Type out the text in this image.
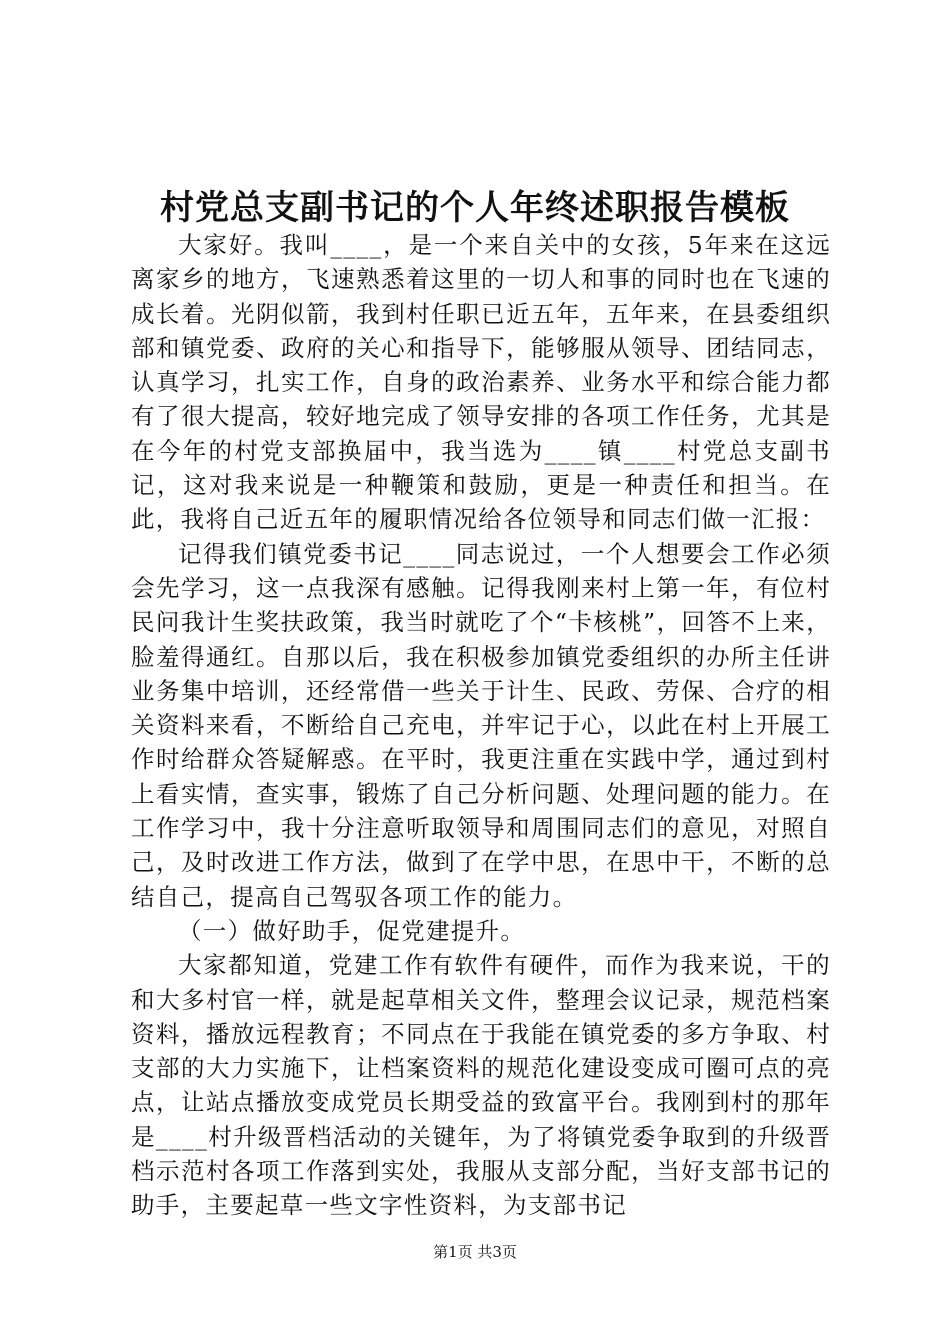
村党总支副书记的个人年终述职报告模板

大家好。我叫____，是一个来自关中的女孩，5年来在这远离家乡的地方，飞速熟悉着这里的一切人和事的同时也在飞速的成长着。光阴似箭，我到村任职已近五年，五年来，在县委组织部和镇党委、政府的关心和指导下，能够服从领导、团结同志，认真学习，扎实工作，自身的政治素养、业务水平和综合能力都有了很大提高，较好地完成了领导安排的各项工作任务，尤其是在今年的村党支部换届中，我当选为____镇____村党总支副书记，这对我来说是一种鞭策和鼓励，更是一种责任和担当。在此，我将自己近五年的履职情况给各位领导和同志们做一汇报：

记得我们镇党委书记____同志说过，一个人想要会工作必须会先学习，这一点我深有感触。记得我刚来村上第一年，有位村民问我计生奖扶政策，我当时就吃了个“卡核桃”，回答不上来，脸羞得通红。自那以后，我在积极参加镇党委组织的办所主任讲业务集中培训，还经常借一些关于计生、民政、劳保、合疗的相关资料来看，不断给自己充电，并牢记于心，以此在村上开展工作时给群众答疑解惑。在平时，我更注重在实践中学，通过到村上看实情，查实事，锻炼了自己分析问题、处理问题的能力。在工作学习中，我十分注意听取领导和周围同志们的意见，对照自己，及时改进工作方法，做到了在学中思，在思中干，不断的总结自己，提高自己驾驭各项工作的能力。

（一）做好助手，促党建提升。

大家都知道，党建工作有软件有硬件，而作为我来说，干的和大多村官一样，就是起草相关文件，整理会议记录，规范档案资料，播放远程教育；不同点在于我能在镇党委的多方争取、村支部的大力实施下，让档案资料的规范化建设变成可圈可点的亮点，让站点播放变成党员长期受益的致富平台。我刚到村的那年是____村升级晋档活动的关键年，为了将镇党委争取到的升级晋档示范村各项工作落到实处，我服从支部分配，当好支部书记的助手，主要起草一些文字性资料，为支部书记

第1页 共3页
